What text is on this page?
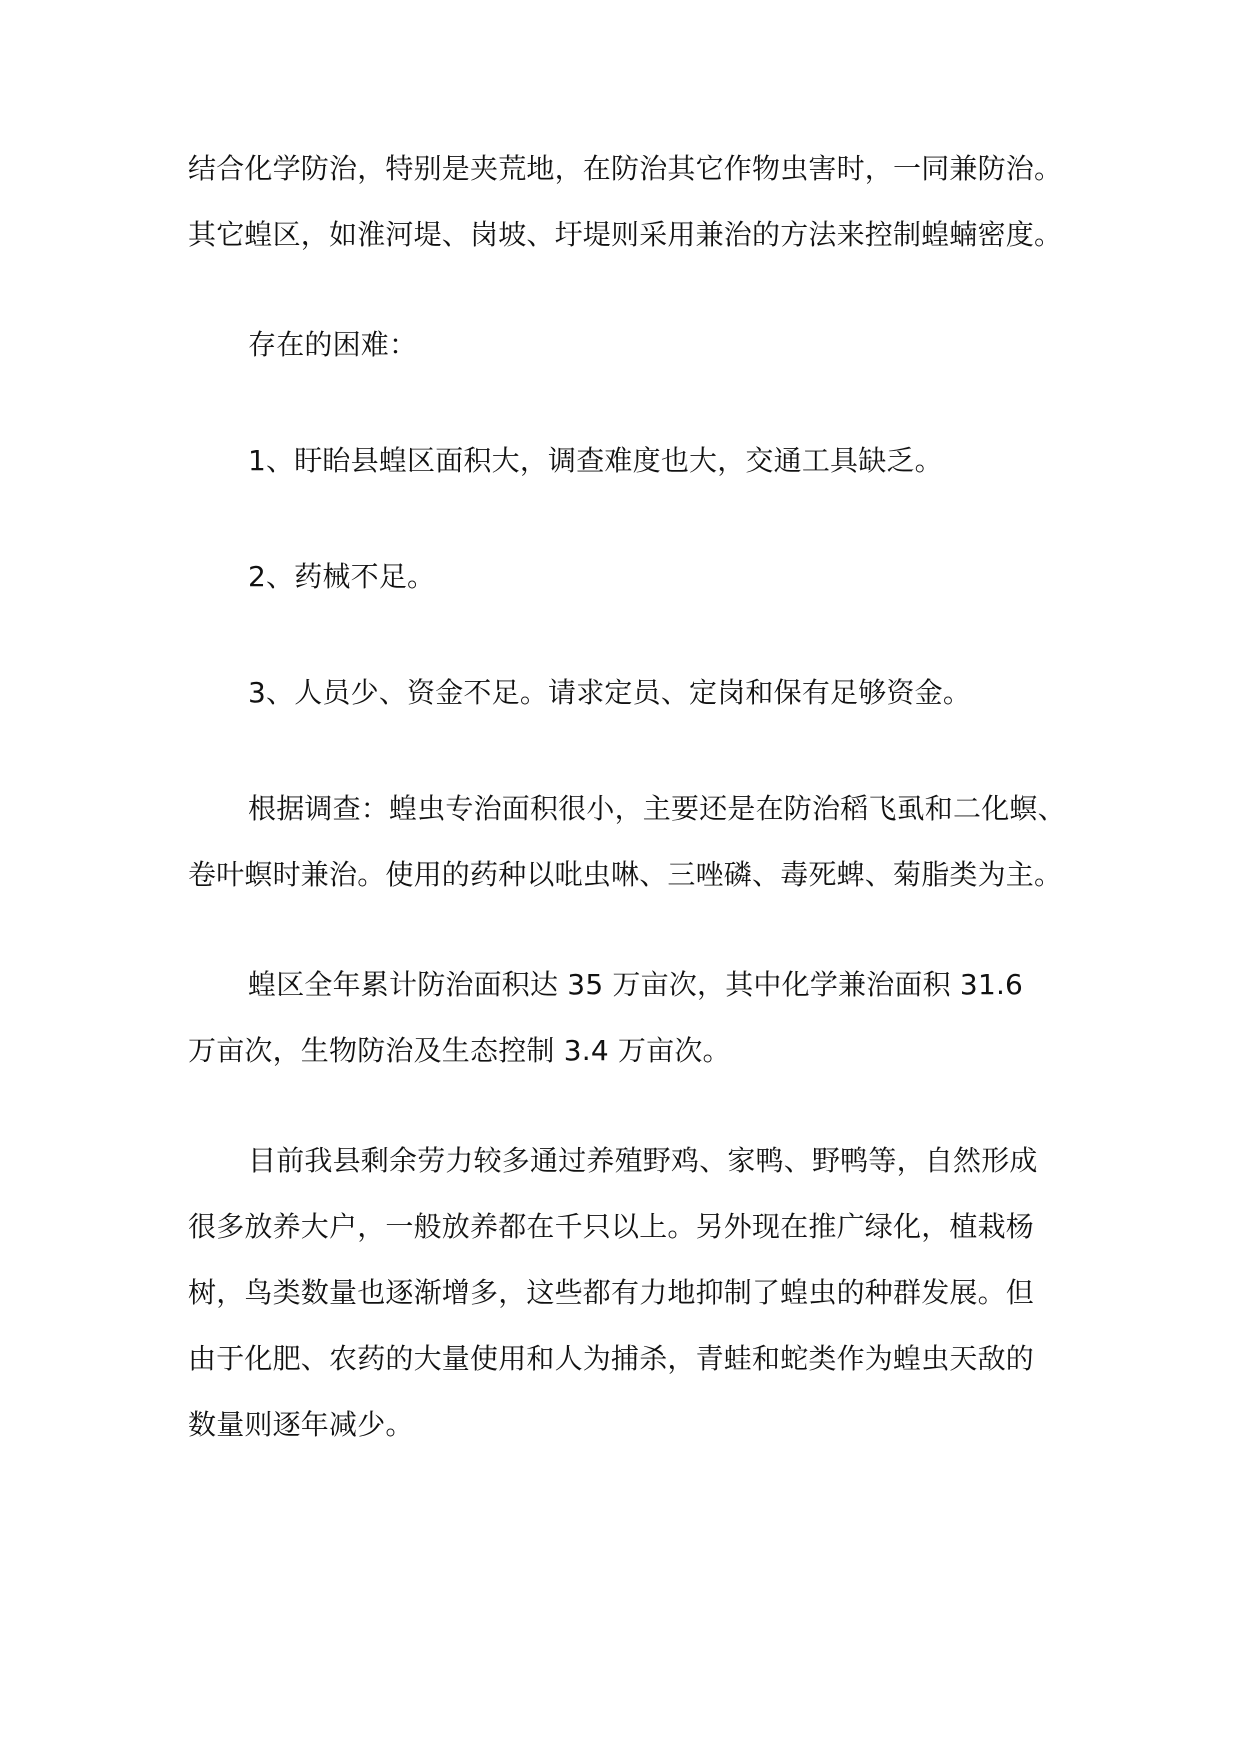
结合化学防治，特别是夹荒地，在防治其它作物虫害时，一同兼防治。
其它蝗区，如淮河堤、岗坡、圩堤则采用兼治的方法来控制蝗蝻密度。
存在的困难：
1、盱眙县蝗区面积大，调查难度也大，交通工具缺乏。
2、药械不足。
3、人员少、资金不足。请求定员、定岗和保有足够资金。
根据调查：蝗虫专治面积很小，主要还是在防治稻飞虱和二化螟、
卷叶螟时兼治。使用的药种以吡虫啉、三唑磷、毒死蜱、菊脂类为主。
蝗区全年累计防治面积达 35 万亩次，其中化学兼治面积 31.6
万亩次，生物防治及生态控制 3.4 万亩次。
目前我县剩余劳力较多通过养殖野鸡、家鸭、野鸭等，自然形成
很多放养大户，一般放养都在千只以上。另外现在推广绿化，植栽杨
树，鸟类数量也逐渐增多，这些都有力地抑制了蝗虫的种群发展。但
由于化肥、农药的大量使用和人为捕杀，青蛙和蛇类作为蝗虫天敌的
数量则逐年减少。
